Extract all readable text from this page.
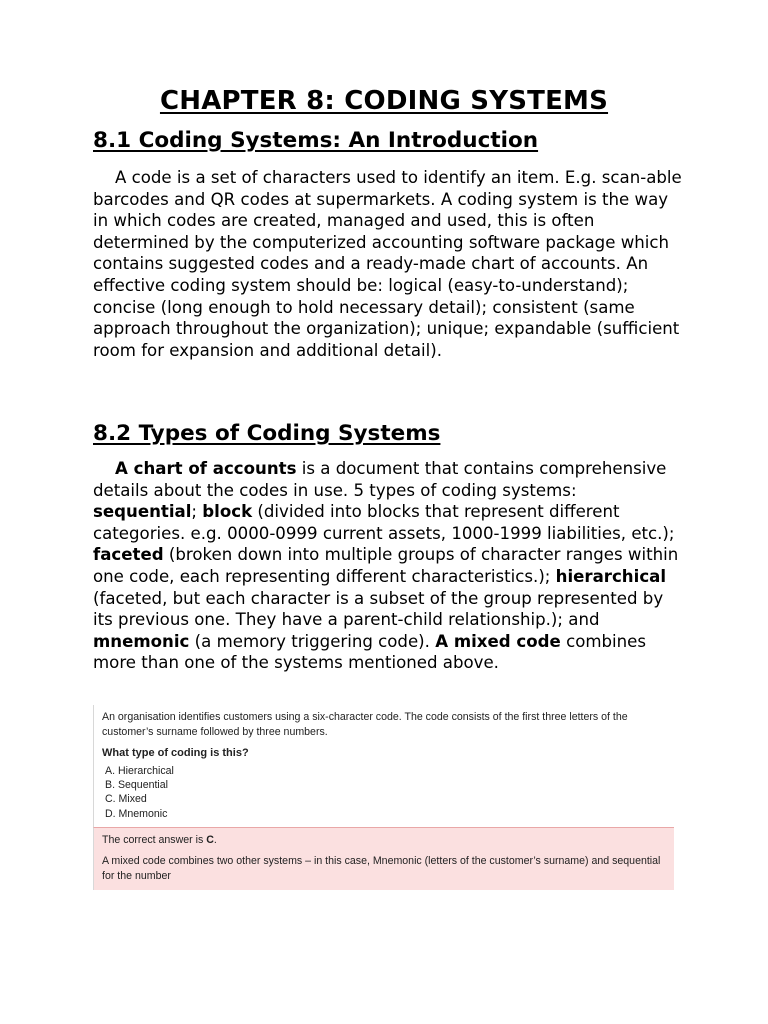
CHAPTER 8: CODING SYSTEMS
8.1 Coding Systems: An Introduction

A code is a set of characters used to identify an item. E.g. scan-able barcodes and QR codes at supermarkets. A coding system is the way in which codes are created, managed and used, this is often determined by the computerized accounting software package which contains suggested codes and a ready-made chart of accounts. An effective coding system should be: logical (easy-to-understand); concise (long enough to hold necessary detail); consistent (same approach throughout the organization); unique; expandable (sufficient room for expansion and additional detail).

8.2 Types of Coding Systems

A chart of accounts is a document that contains comprehensive details about the codes in use. 5 types of coding systems: sequential; block (divided into blocks that represent different categories. e.g. 0000-0999 current assets, 1000-1999 liabilities, etc.); faceted (broken down into multiple groups of character ranges within one code, each representing different characteristics.); hierarchical (faceted, but each character is a subset of the group represented by its previous one. They have a parent-child relationship.); and mnemonic (a memory triggering code). A mixed code combines more than one of the systems mentioned above.

An organisation identifies customers using a six-character code. The code consists of the first three letters of the customer’s surname followed by three numbers.

What type of coding is this?

A. Hierarchical
B. Sequential
C. Mixed
D. Mnemonic

The correct answer is C.

A mixed code combines two other systems – in this case, Mnemonic (letters of the customer’s surname) and sequential for the number
